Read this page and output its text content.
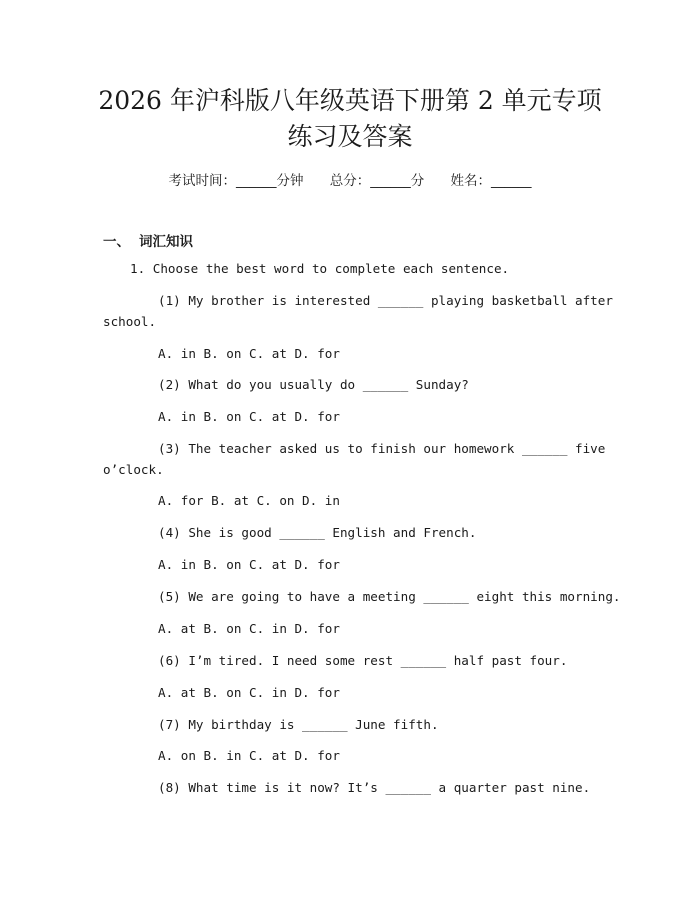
2026 年沪科版八年级英语下册第 2 单元专项
练习及答案
考试时间：______分钟 总分：______分 姓名：______
一、 词汇知识
1. Choose the best word to complete each sentence.
(1) My brother is interested ______ playing basketball after
school.
A. in B. on C. at D. for
(2) What do you usually do ______ Sunday?
A. in B. on C. at D. for
(3) The teacher asked us to finish our homework ______ five
o’clock.
A. for B. at C. on D. in
(4) She is good ______ English and French.
A. in B. on C. at D. for
(5) We are going to have a meeting ______ eight this morning.
A. at B. on C. in D. for
(6) I’m tired. I need some rest ______ half past four.
A. at B. on C. in D. for
(7) My birthday is ______ June fifth.
A. on B. in C. at D. for
(8) What time is it now? It’s ______ a quarter past nine.
